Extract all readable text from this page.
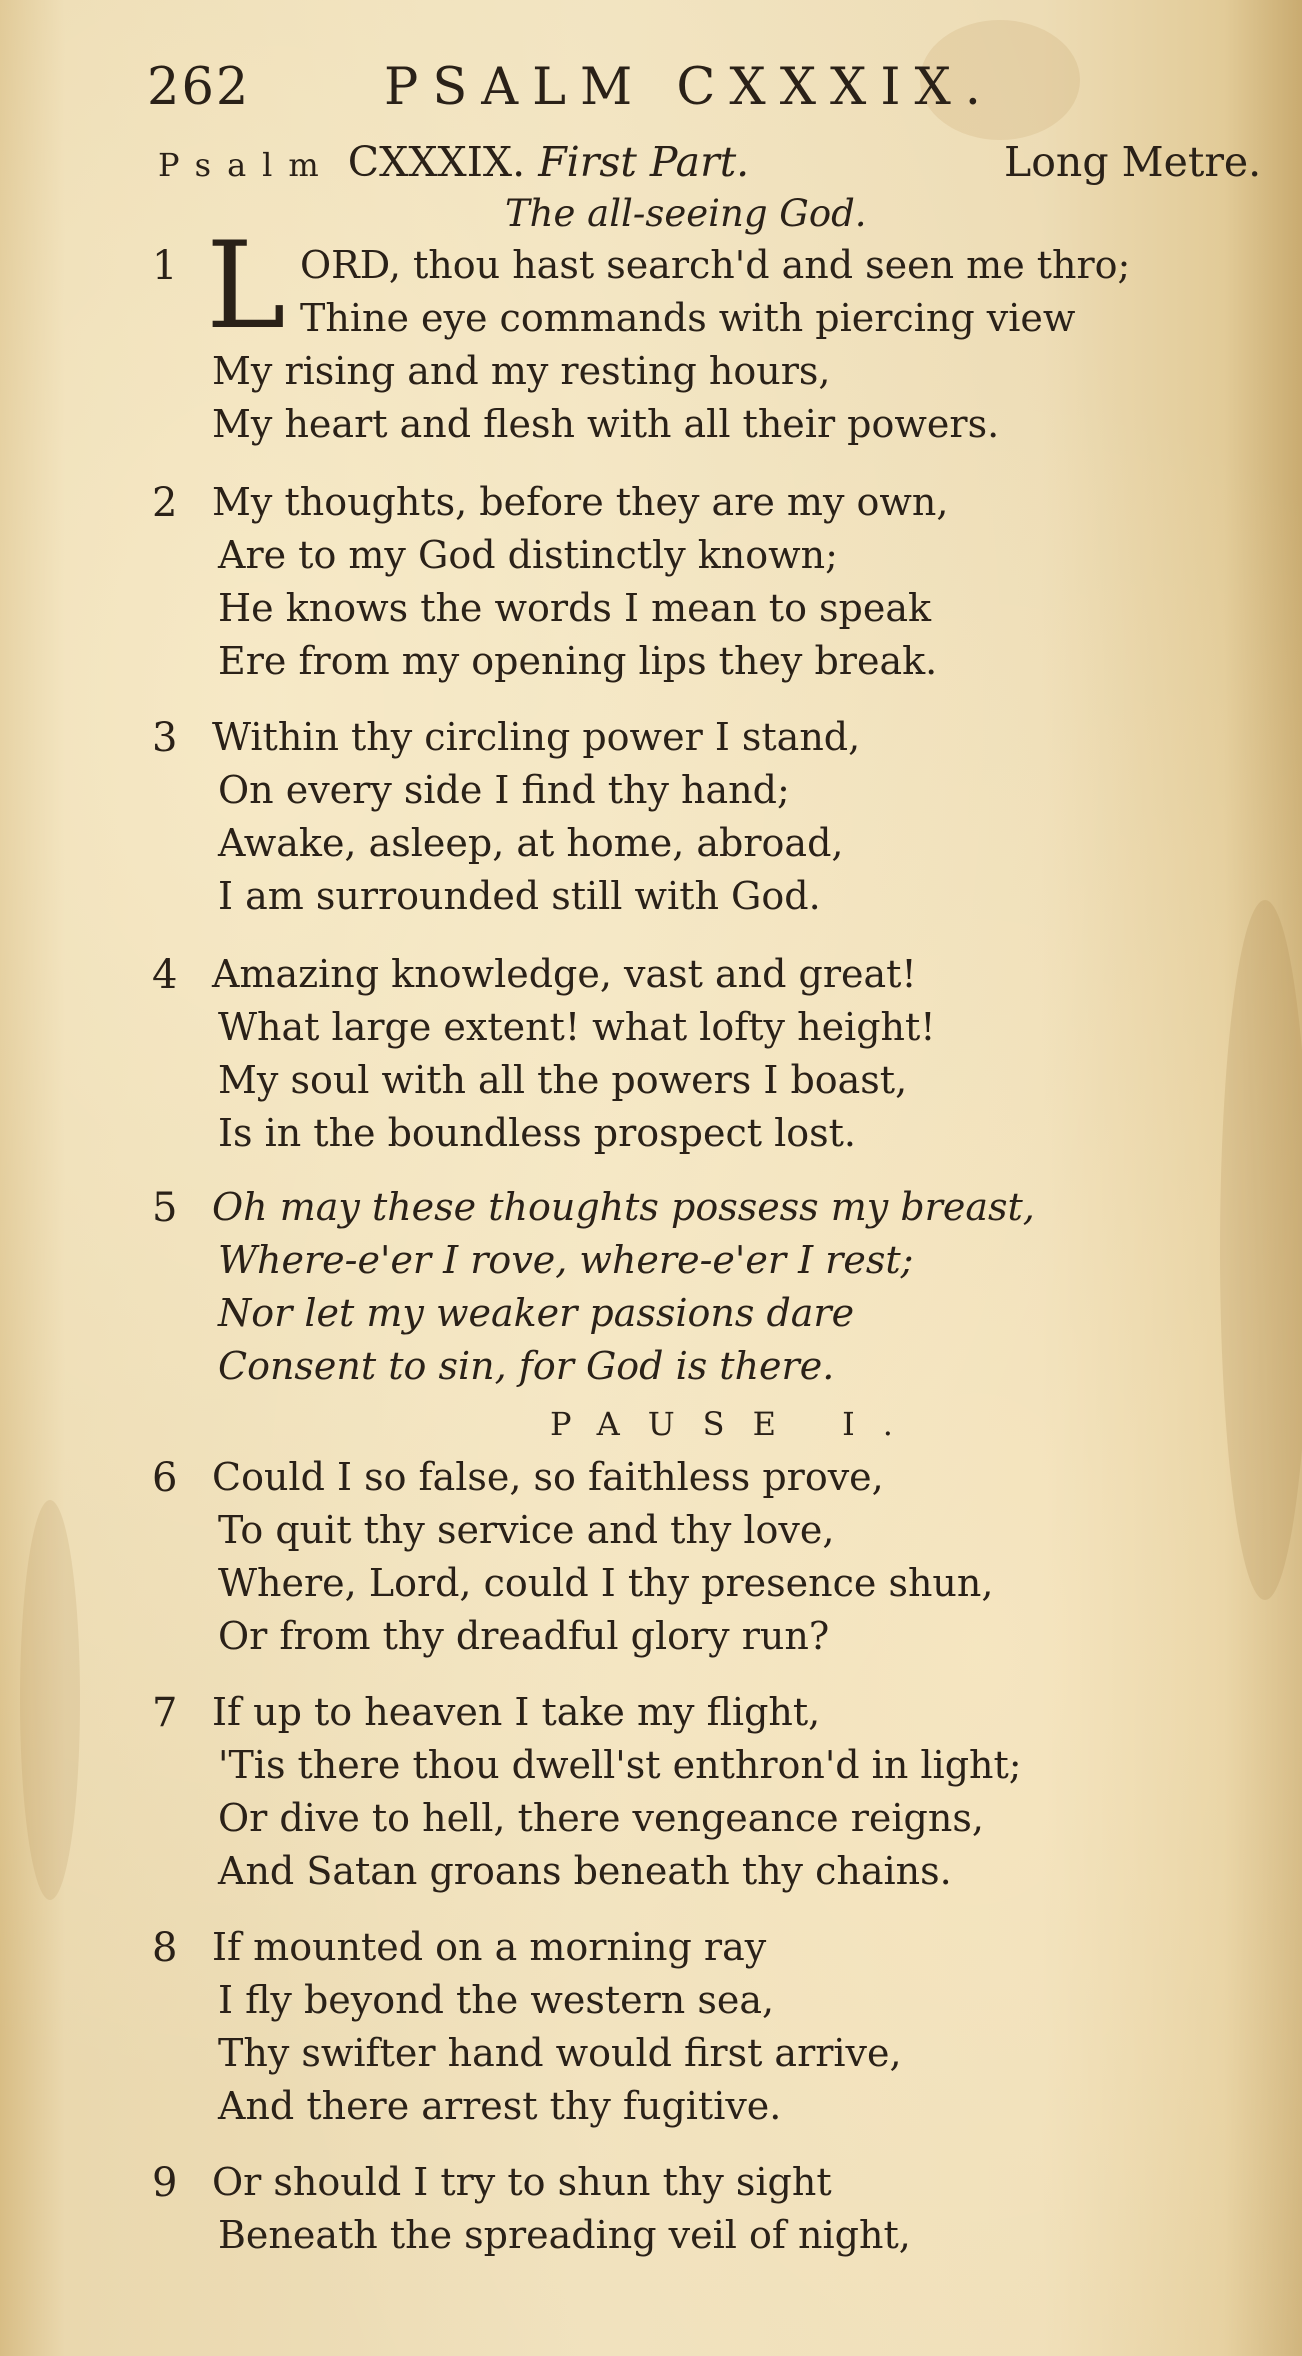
262	PSALM CXXXIX.
Psalm CXXXIX. First Part.	Long Metre.
The all-seeing God.
1 L ORD, thou hast search'd and seen me thro;
Thine eye commands with piercing view
My rising and my resting hours,
My heart and flesh with all their powers.
2 My thoughts, before they are my own,
Are to my God distinctly known;
He knows the words I mean to speak
Ere from my opening lips they break.
3 Within thy circling power I stand,
On every side I find thy hand;
Awake, asleep, at home, abroad,
I am surrounded still with God.
4 Amazing knowledge, vast and great!
What large extent! what lofty height!
My soul with all the powers I boast,
Is in the boundless prospect lost.
5 Oh may these thoughts possess my breast,
Where-e'er I rove, where-e'er I rest;
Nor let my weaker passions dare
Consent to sin, for God is there.
PAUSE I.
6 Could I so false, so faithless prove,
To quit thy service and thy love,
Where, Lord, could I thy presence shun,
Or from thy dreadful glory run?
7 If up to heaven I take my flight,
'Tis there thou dwell'st enthron'd in light;
Or dive to hell, there vengeance reigns,
And Satan groans beneath thy chains.
8 If mounted on a morning ray
I fly beyond the western sea,
Thy swifter hand would first arrive,
And there arrest thy fugitive.
9 Or should I try to shun thy sight
Beneath the spreading veil of night,
